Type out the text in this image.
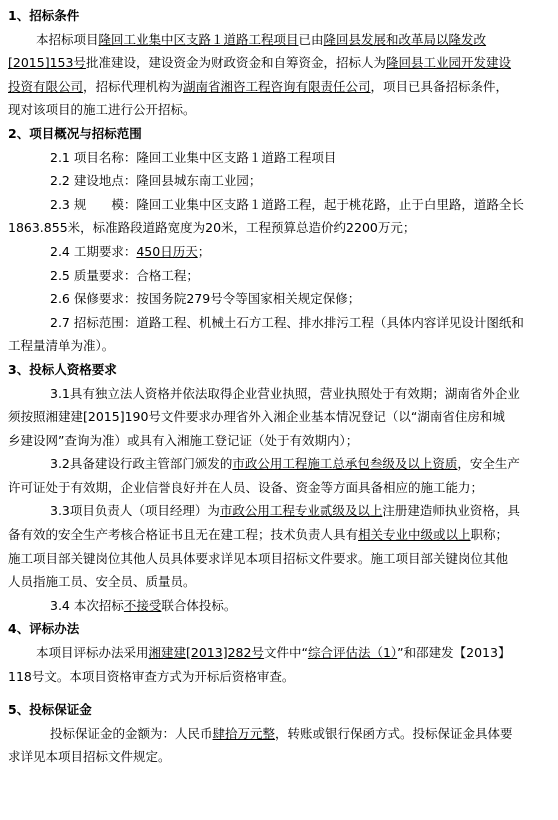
1、招标条件
本招标项目隆回工业集中区支路１道路工程项目已由隆回县发展和改革局以隆发改
[2015]153号批准建设，建设资金为财政资金和自筹资金，招标人为隆回县工业园开发建设
投资有限公司，招标代理机构为湖南省湘咨工程咨询有限责任公司，项目已具备招标条件，
现对该项目的施工进行公开招标。
2、项目概况与招标范围
2.1 项目名称：隆回工业集中区支路１道路工程项目
2.2 建设地点：隆回县城东南工业园；
2.3 规　　模：隆回工业集中区支路１道路工程，起于桃花路，止于白里路，道路全长
1863.855米，标准路段道路宽度为20米，工程预算总造价约2200万元；
2.4 工期要求：450日历天；
2.5 质量要求：合格工程；
2.6 保修要求：按国务院279号令等国家相关规定保修；
2.7 招标范围：道路工程、机械土石方工程、排水排污工程（具体内容详见设计图纸和
工程量清单为准）。
3、投标人资格要求
3.1具有独立法人资格并依法取得企业营业执照，营业执照处于有效期；湖南省外企业
须按照湘建建[2015]190号文件要求办理省外入湘企业基本情况登记（以“湖南省住房和城
乡建设网”查询为准）或具有入湘施工登记证（处于有效期内）；
3.2具备建设行政主管部门颁发的市政公用工程施工总承包叁级及以上资质，安全生产
许可证处于有效期，企业信誉良好并在人员、设备、资金等方面具备相应的施工能力；
3.3项目负责人（项目经理）为市政公用工程专业贰级及以上注册建造师执业资格，具
备有效的安全生产考核合格证书且无在建工程；技术负责人具有相关专业中级或以上职称；
施工项目部关键岗位其他人员具体要求详见本项目招标文件要求。施工项目部关键岗位其他
人员指施工员、安全员、质量员。
3.4 本次招标不接受联合体投标。
4、评标办法
本项目评标办法采用湘建建[2013]282号文件中“综合评估法（1）”和邵建发【2013】
118号文。本项目资格审查方式为开标后资格审查。
5、投标保证金
投标保证金的金额为：人民币肆拾万元整，转账或银行保函方式。投标保证金具体要
求详见本项目招标文件规定。
